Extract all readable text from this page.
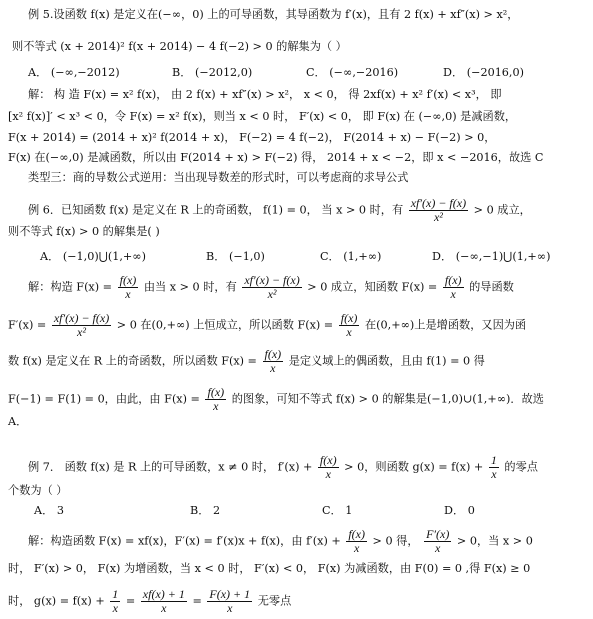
例 5.设函数 f(x) 是定义在(−∞，0) 上的可导函数，其导函数为 f′(x)，且有 2 f(x) + xf″(x) > x²，
则不等式 (x + 2014)² f(x + 2014) − 4 f(−2) > 0 的解集为（ ）
A． (−∞,−2012)	B． (−2012,0)	C． (−∞,−2016)	D． (−2016,0)
解： 构 造 F(x) = x² f(x)， 由 2 f(x) + xf″(x) > x²， x < 0， 得 2xf(x) + x² f′(x) < x³， 即
[x² f(x)]′ < x³ < 0，令 F(x) = x² f(x)，则当 x < 0 时， F′(x) < 0， 即 F(x) 在 (−∞,0) 是减函数，
F(x + 2014) = (2014 + x)² f(2014 + x)， F(−2) = 4 f(−2)， F(2014 + x) − F(−2) > 0，
F(x) 在(−∞,0) 是减函数，所以由 F(2014 + x) > F(−2) 得， 2014 + x < −2，即 x < −2016，故选 C
类型三：商的导数公式逆用：当出现导数差的形式时，可以考虑商的求导公式
例 6．已知函数 f(x) 是定义在 R 上的奇函数， f(1) = 0， 当 x > 0 时，有 $\frac{xf'(x) - f(x)}{\text{x²}} > 0$ 成立，
则不等式 f(x) > 0 的解集是( )
A． (−1,0)⋃(1,+∞)	B． (−1,0)	C． (1,+∞)	D． (−∞,−1)⋃(1,+∞)
解：构造 $F(x) = \frac{f(x)}{x}$ 由当 x > 0 时，有 $\frac{xf'(x) - f(x)}{\text{x²}} > 0$ 成立，知函数 $F(x) = \frac{f(x)}{x}$ 的导函数
$F'(x) = \frac{xf'(x) - f(x)}{\text{x²}} > 0$ 在(0,+∞) 上恒成立，所以函数 $F(x) = \frac{f(x)}{x}$ 在(0,+∞)上是增函数，又因为函
数 f(x) 是定义在 R 上的奇函数，所以函数 $F(x) = \frac{f(x)}{x}$ 是定义域上的偶函数，且由 f(1) = 0 得
F(−1) = F(1) = 0，由此，由 $F(x) = \frac{f(x)}{x}$ 的图象，可知不等式 f(x) > 0 的解集是(−1,0)∪(1,+∞)．故选
A．
例 7． 函数 f(x) 是 R 上的可导函数，x ≠ 0 时， $f'(x) + \frac{f(x)}{x} > 0$，则函数 $g(x) = f(x) + \frac{1}{x}$ 的零点
个数为（ ）
A． 3	B． 2	C． 1	D． 0
解：构造函数 F(x) = xf(x)，F′(x) = f′(x)x + f(x)，由 $f'(x) + \frac{f(x)}{x} > 0$ 得， $\frac{F'(x)}{x} > 0$，当 x > 0
时， F′(x) > 0， F(x) 为增函数，当 x < 0 时， F′(x) < 0， F(x) 为减函数，由 F(0) = 0 ,得 F(x) ≥ 0
时， $g(x) = f(x) + \frac{1}{x} = \frac{xf(x) + 1}{x} = \frac{F(x) + 1}{x}$ 无零点
